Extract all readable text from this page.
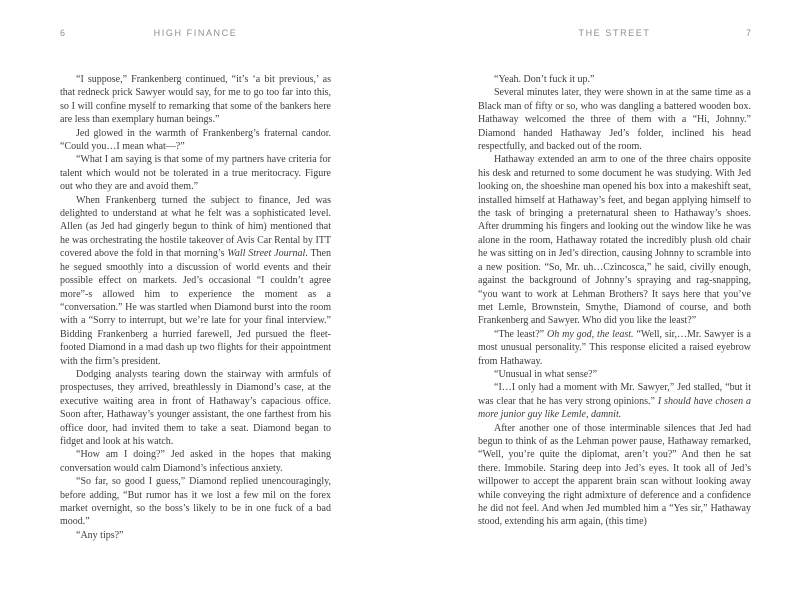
6	HIGH FINANCE

“I suppose,” Frankenberg continued, “it’s ‘a bit previous,’ as that redneck prick Sawyer would say, for me to go too far into this, so I will confine myself to remarking that some of the bankers here are less than exemplary human beings.”

Jed glowed in the warmth of Frankenberg’s fraternal candor. “Could you…I mean what—?”

“What I am saying is that some of my partners have criteria for talent which would not be tolerated in a true meritocracy. Figure out who they are and avoid them.”

When Frankenberg turned the subject to finance, Jed was delighted to understand at what he felt was a sophisticated level. Allen (as Jed had gingerly begun to think of him) mentioned that he was orchestrating the hostile takeover of Avis Car Rental by ITT covered above the fold in that morning’s Wall Street Journal. Then he segued smoothly into a discussion of world events and their possible effect on markets. Jed’s occasional “I couldn’t agree more”-s allowed him to experience the moment as a “conversation.” He was startled when Diamond burst into the room with a “Sorry to interrupt, but we’re late for your final interview.” Bidding Frankenberg a hurried farewell, Jed pursued the fleet-footed Diamond in a mad dash up two flights for their appointment with the firm’s president.

Dodging analysts tearing down the stairway with armfuls of prospectuses, they arrived, breathlessly in Diamond’s case, at the executive waiting area in front of Hathaway’s capacious office. Soon after, Hathaway’s younger assistant, the one farthest from his office door, had invited them to take a seat. Diamond began to fidget and look at his watch.

“How am I doing?” Jed asked in the hopes that making conversation would calm Diamond’s infectious anxiety.

“So far, so good I guess,” Diamond replied unencouragingly, before adding, “But rumor has it we lost a few mil on the forex market overnight, so the boss’s likely to be in one fuck of a bad mood.”

“Any tips?”

THE STREET	7

“Yeah. Don’t fuck it up.”

Several minutes later, they were shown in at the same time as a Black man of fifty or so, who was dangling a battered wooden box. Hathaway welcomed the three of them with a “Hi, Johnny.” Diamond handed Hathaway Jed’s folder, inclined his head respectfully, and backed out of the room.

Hathaway extended an arm to one of the three chairs opposite his desk and returned to some document he was studying. With Jed looking on, the shoeshine man opened his box into a makeshift seat, installed himself at Hathaway’s feet, and began applying himself to the task of bringing a preternatural sheen to Hathaway’s shoes. After drumming his fingers and looking out the window like he was alone in the room, Hathaway rotated the incredibly plush old chair he was sitting on in Jed’s direction, causing Johnny to scramble into a new position. “So, Mr. uh…Czincosca,” he said, civilly enough, against the background of Johnny’s spraying and rag-snapping, “you want to work at Lehman Brothers? It says here that you’ve met Lemle, Brownstein, Smythe, Diamond of course, and both Frankenberg and Sawyer. Who did you like the least?”

“The least?” Oh my god, the least. “Well, sir,…Mr. Sawyer is a most unusual personality.” This response elicited a raised eyebrow from Hathaway.

“Unusual in what sense?”

“I…I only had a moment with Mr. Sawyer,” Jed stalled, “but it was clear that he has very strong opinions.” I should have chosen a more junior guy like Lemle, damnit.

After another one of those interminable silences that Jed had begun to think of as the Lehman power pause, Hathaway remarked, “Well, you’re quite the diplomat, aren’t you?” And then he sat there. Immobile. Staring deep into Jed’s eyes. It took all of Jed’s willpower to accept the apparent brain scan without looking away while conveying the right admixture of deference and a confidence he did not feel. And when Jed mumbled him a “Yes sir,” Hathaway stood, extending his arm again, (this time)
